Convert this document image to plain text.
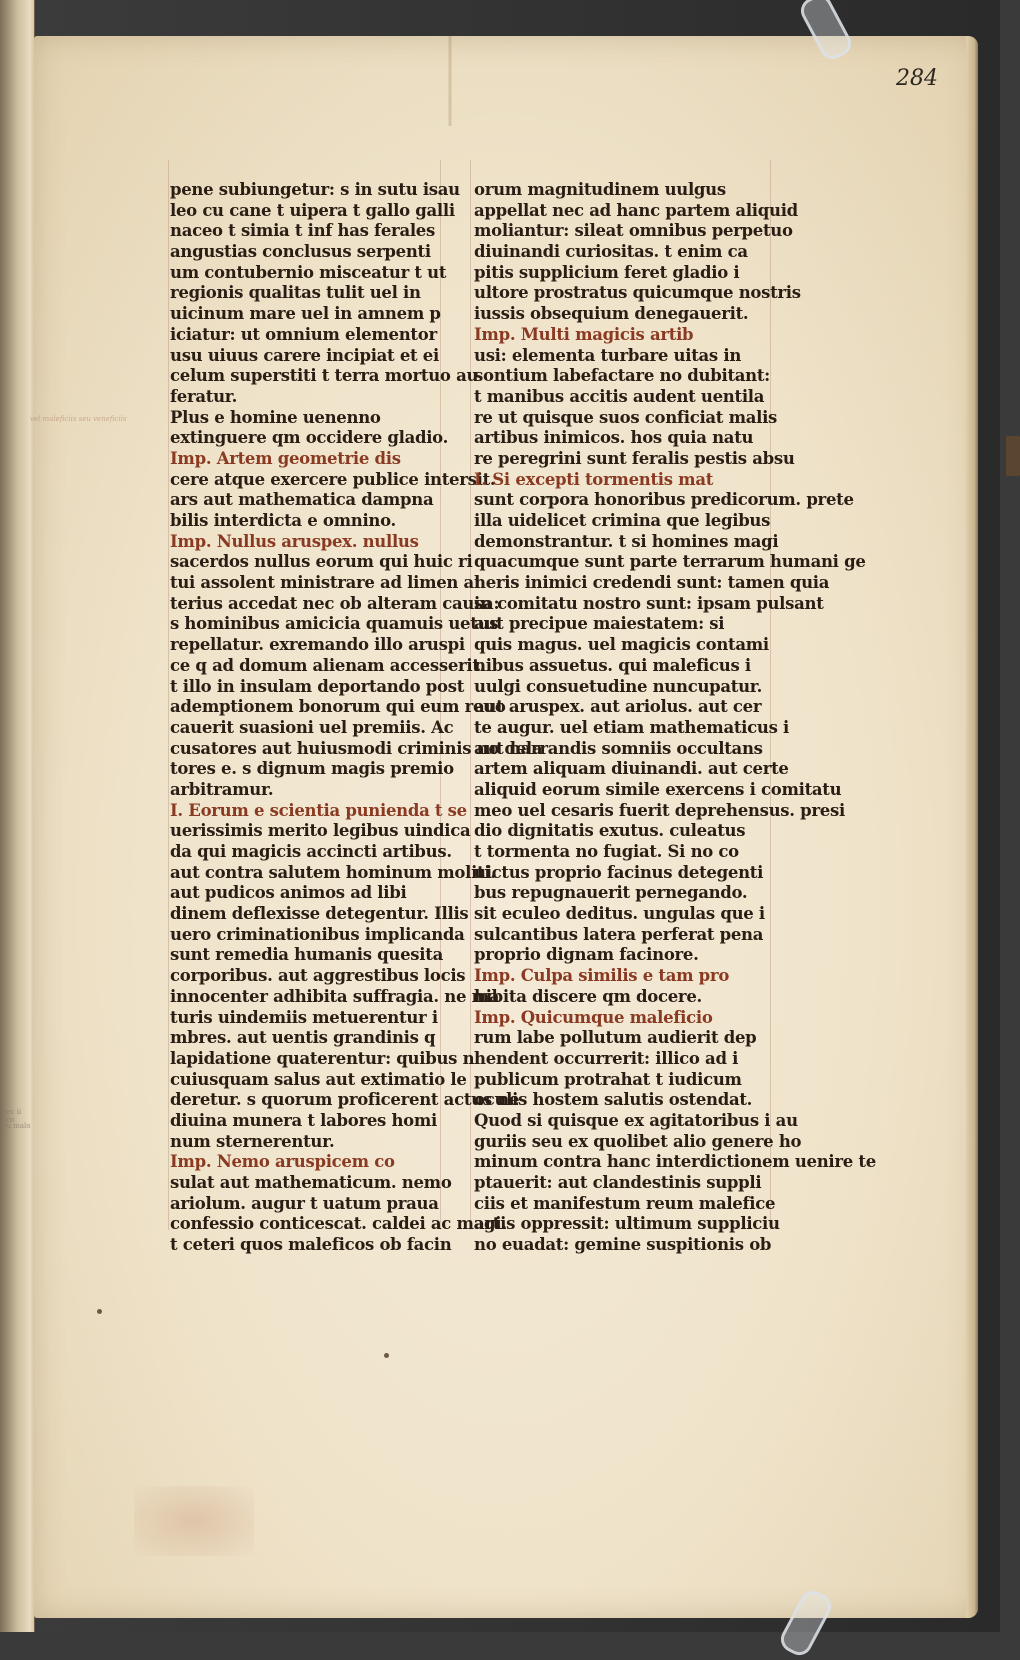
hec ii pro
qu malo
284
vel maleficiis seu veneficiis
pene subiungetur: s in sutu isau
leo cu cane t uipera t gallo galli
naceo t simia t inf has ferales
angustias conclusus serpenti
um contubernio misceatur t ut
regionis qualitas tulit uel in
uicinum mare uel in amnem p
iciatur: ut omnium elementor
usu uiuus carere incipiat et ei
celum superstiti t terra mortuo au
feratur.
Plus e homine uenenno
extinguere qm occidere gladio.
Imp. Artem geometrie dis
cere atque exercere publice intersit.
ars aut mathematica dampna
bilis interdicta e omnino.
Imp. Nullus aruspex. nullus
sacerdos nullus eorum qui huic ri
tui assolent ministrare ad limen al
terius accedat nec ob alteram causa:
s hominibus amicicia quamuis uetus
repellatur. exremando illo aruspi
ce q ad domum alienam accesserit.
t illo in insulam deportando post
ademptionem bonorum qui eum reuo
cauerit suasioni uel premiis. Ac
cusatores aut huiusmodi criminis no dela
tores e. s dignum magis premio
arbitramur.
I. Eorum e scientia punienda t se
uerissimis merito legibus uindica
da qui magicis accincti artibus.
aut contra salutem hominum moliti.
aut pudicos animos ad libi
dinem deflexisse detegentur. Illis
uero criminationibus implicanda
sunt remedia humanis quesita
corporibus. aut aggrestibus locis
innocenter adhibita suffragia. ne ma
turis uindemiis metuerentur i
mbres. aut uentis grandinis q
lapidatione quaterentur: quibus n
cuiusquam salus aut extimatio le
deretur. s quorum proficerent actus ne
diuina munera t labores homi
num sternerentur.
Imp. Nemo aruspicem co
sulat aut mathematicum. nemo
ariolum. augur t uatum praua
confessio conticescat. caldei ac magi.
t ceteri quos maleficos ob facin
orum magnitudinem uulgus
appellat nec ad hanc partem aliquid
moliantur: sileat omnibus perpetuo
diuinandi curiositas. t enim ca
pitis supplicium feret gladio i
ultore prostratus quicumque nostris
iussis obsequium denegauerit.
Imp. Multi magicis artib
usi: elementa turbare uitas in
sontium labefactare no dubitant:
t manibus accitis audent uentila
re ut quisque suos conficiat malis
artibus inimicos. hos quia natu
re peregrini sunt feralis pestis absu
I. Si excepti tormentis mat
sunt corpora honoribus predicorum. prete
illa uidelicet crimina que legibus
demonstrantur. t si homines magi
quacumque sunt parte terrarum humani ge
neris inimici credendi sunt: tamen quia
in comitatu nostro sunt: ipsam pulsant
aut precipue maiestatem: si
quis magus. uel magicis contami
nibus assuetus. qui maleficus i
uulgi consuetudine nuncupatur.
aut aruspex. aut ariolus. aut cer
te augur. uel etiam mathematicus i
aut narrandis somniis occultans
artem aliquam diuinandi. aut certe
aliquid eorum simile exercens i comitatu
meo uel cesaris fuerit deprehensus. presi
dio dignitatis exutus. culeatus
t tormenta no fugiat. Si no co
uictus proprio facinus detegenti
bus repugnauerit pernegando.
sit eculeo deditus. ungulas que i
sulcantibus latera perferat pena
proprio dignam facinore.
Imp. Culpa similis e tam pro
hibita discere qm docere.
Imp. Quicumque maleficio
rum labe pollutum audierit dep
hendent occurrerit: illico ad i
publicum protrahat t iudicum
oculis hostem salutis ostendat.
Quod si quisque ex agitatoribus i au
guriis seu ex quolibet alio genere ho
minum contra hanc interdictionem uenire te
ptauerit: aut clandestinis suppli
ciis et manifestum reum malefice
artis oppressit: ultimum suppliciu
no euadat: gemine suspitionis ob
